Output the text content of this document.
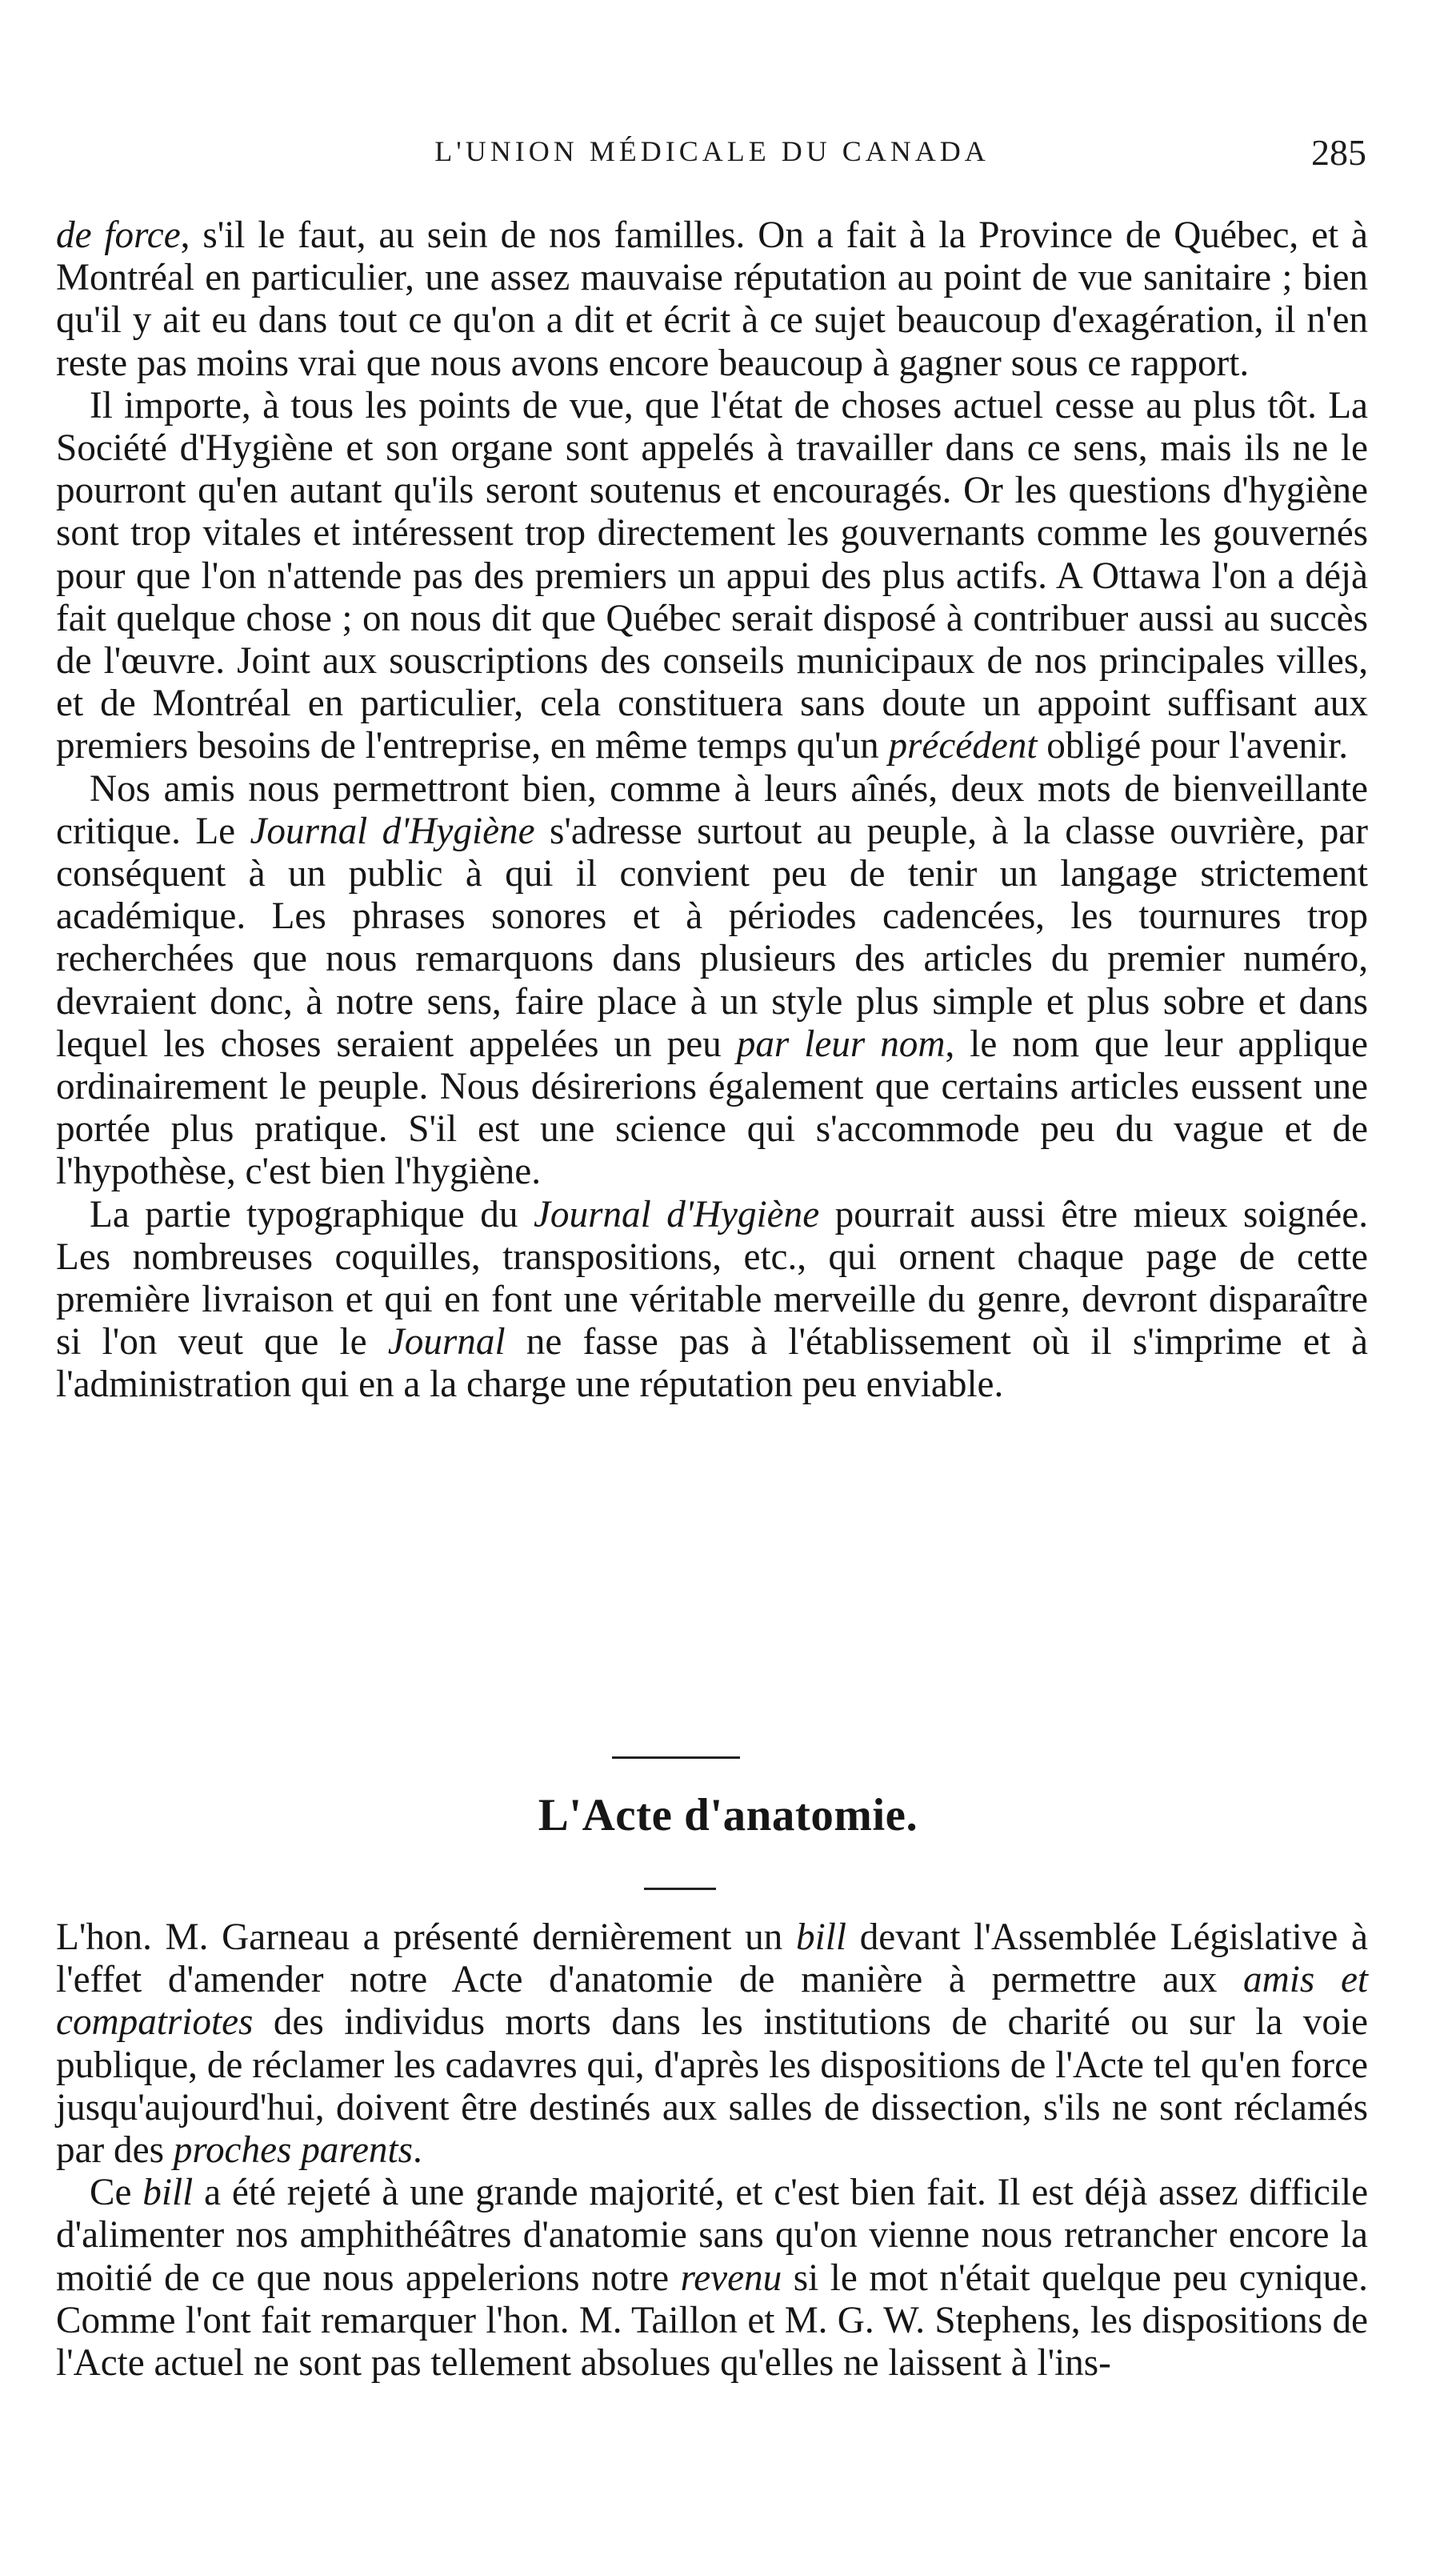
L'UNION MÉDICALE DU CANADA	285

de force, s'il le faut, au sein de nos familles. On a fait à la Province de Québec, et à Montréal en particulier, une assez mauvaise réputation au point de vue sanitaire ; bien qu'il y ait eu dans tout ce qu'on a dit et écrit à ce sujet beaucoup d'exagération, il n'en reste pas moins vrai que nous avons encore beaucoup à gagner sous ce rapport.

Il importe, à tous les points de vue, que l'état de choses actuel cesse au plus tôt. La Société d'Hygiène et son organe sont appelés à travailler dans ce sens, mais ils ne le pourront qu'en autant qu'ils seront soutenus et encouragés. Or les questions d'hygiène sont trop vitales et intéressent trop directement les gouvernants comme les gouvernés pour que l'on n'attende pas des premiers un appui des plus actifs. A Ottawa l'on a déjà fait quelque chose ; on nous dit que Québec serait disposé à contribuer aussi au succès de l'œuvre. Joint aux souscriptions des conseils municipaux de nos principales villes, et de Montréal en particulier, cela constituera sans doute un appoint suffisant aux premiers besoins de l'entreprise, en même temps qu'un précédent obligé pour l'avenir.

Nos amis nous permettront bien, comme à leurs aînés, deux mots de bienveillante critique. Le Journal d'Hygiène s'adresse surtout au peuple, à la classe ouvrière, par conséquent à un public à qui il convient peu de tenir un langage strictement académique. Les phrases sonores et à périodes cadencées, les tournures trop recherchées que nous remarquons dans plusieurs des articles du premier numéro, devraient donc, à notre sens, faire place à un style plus simple et plus sobre et dans lequel les choses seraient appelées un peu par leur nom, le nom que leur applique ordinairement le peuple. Nous désirerions également que certains articles eussent une portée plus pratique. S'il est une science qui s'accommode peu du vague et de l'hypothèse, c'est bien l'hygiène.

La partie typographique du Journal d'Hygiène pourrait aussi être mieux soignée. Les nombreuses coquilles, transpositions, etc., qui ornent chaque page de cette première livraison et qui en font une véritable merveille du genre, devront disparaître si l'on veut que le Journal ne fasse pas à l'établissement où il s'imprime et à l'administration qui en a la charge une réputation peu enviable.

L'Acte d'anatomie.

L'hon. M. Garneau a présenté dernièrement un bill devant l'Assemblée Législative à l'effet d'amender notre Acte d'anatomie de manière à permettre aux amis et compatriotes des individus morts dans les institutions de charité ou sur la voie publique, de réclamer les cadavres qui, d'après les dispositions de l'Acte tel qu'en force jusqu'aujourd'hui, doivent être destinés aux salles de dissection, s'ils ne sont réclamés par des proches parents.

Ce bill a été rejeté à une grande majorité, et c'est bien fait. Il est déjà assez difficile d'alimenter nos amphithéâtres d'anatomie sans qu'on vienne nous retrancher encore la moitié de ce que nous appelerions notre revenu si le mot n'était quelque peu cynique. Comme l'ont fait remarquer l'hon. M. Taillon et M. G. W. Stephens, les dispositions de l'Acte actuel ne sont pas tellement absolues qu'elles ne laissent à l'ins-
